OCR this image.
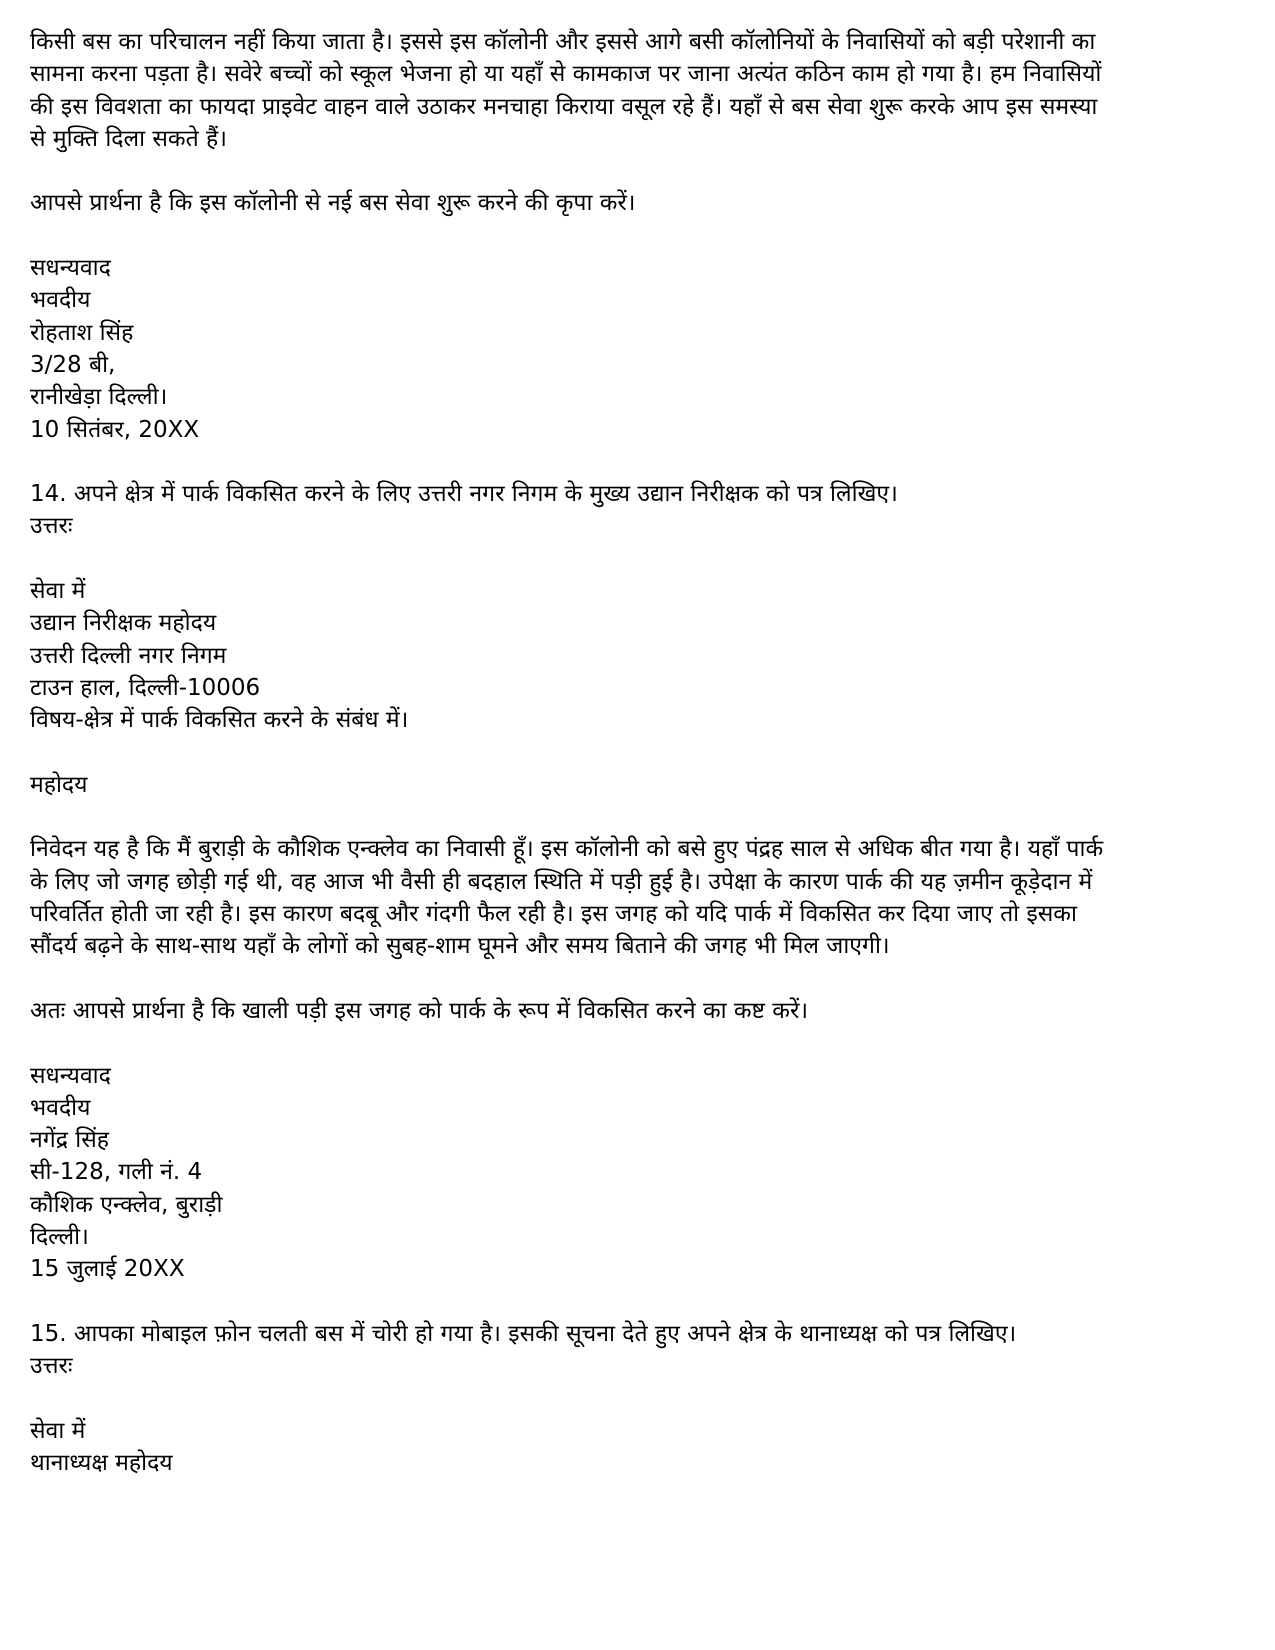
किसी बस का परिचालन नहीं किया जाता है। इससे इस कॉलोनी और इससे आगे बसी कॉलोनियों के निवासियों को बड़ी परेशानी का
सामना करना पड़ता है। सवेरे बच्चों को स्कूल भेजना हो या यहाँ से कामकाज पर जाना अत्यंत कठिन काम हो गया है। हम निवासियों
की इस विवशता का फायदा प्राइवेट वाहन वाले उठाकर मनचाहा किराया वसूल रहे हैं। यहाँ से बस सेवा शुरू करके आप इस समस्या
से मुक्ति दिला सकते हैं।

आपसे प्रार्थना है कि इस कॉलोनी से नई बस सेवा शुरू करने की कृपा करें।
सधन्यवाद
भवदीय
रोहताश सिंह
3/28 बी,
रानीखेड़ा दिल्ली।
10 सितंबर, 20XX
14. अपने क्षेत्र में पार्क विकसित करने के लिए उत्तरी नगर निगम के मुख्य उद्यान निरीक्षक को पत्र लिखिए।
उत्तरः
सेवा में
उद्यान निरीक्षक महोदय
उत्तरी दिल्ली नगर निगम
टाउन हाल, दिल्ली-10006
विषय-क्षेत्र में पार्क विकसित करने के संबंध में।
महोदय

निवेदन यह है कि मैं बुराड़ी के कौशिक एन्क्लेव का निवासी हूँ। इस कॉलोनी को बसे हुए पंद्रह साल से अधिक बीत गया है। यहाँ पार्क
के लिए जो जगह छोड़ी गई थी, वह आज भी वैसी ही बदहाल स्थिति में पड़ी हुई है। उपेक्षा के कारण पार्क की यह ज़मीन कूड़ेदान में
परिवर्तित होती जा रही है। इस कारण बदबू और गंदगी फैल रही है। इस जगह को यदि पार्क में विकसित कर दिया जाए तो इसका
सौंदर्य बढ़ने के साथ-साथ यहाँ के लोगों को सुबह-शाम घूमने और समय बिताने की जगह भी मिल जाएगी।

अतः आपसे प्रार्थना है कि खाली पड़ी इस जगह को पार्क के रूप में विकसित करने का कष्ट करें।
सधन्यवाद
भवदीय
नगेंद्र सिंह
सी-128, गली नं. 4
कौशिक एन्क्लेव, बुराड़ी
दिल्ली।
15 जुलाई 20XX
15. आपका मोबाइल फ़ोन चलती बस में चोरी हो गया है। इसकी सूचना देते हुए अपने क्षेत्र के थानाध्यक्ष को पत्र लिखिए।
उत्तरः
सेवा में
थानाध्यक्ष महोदय
